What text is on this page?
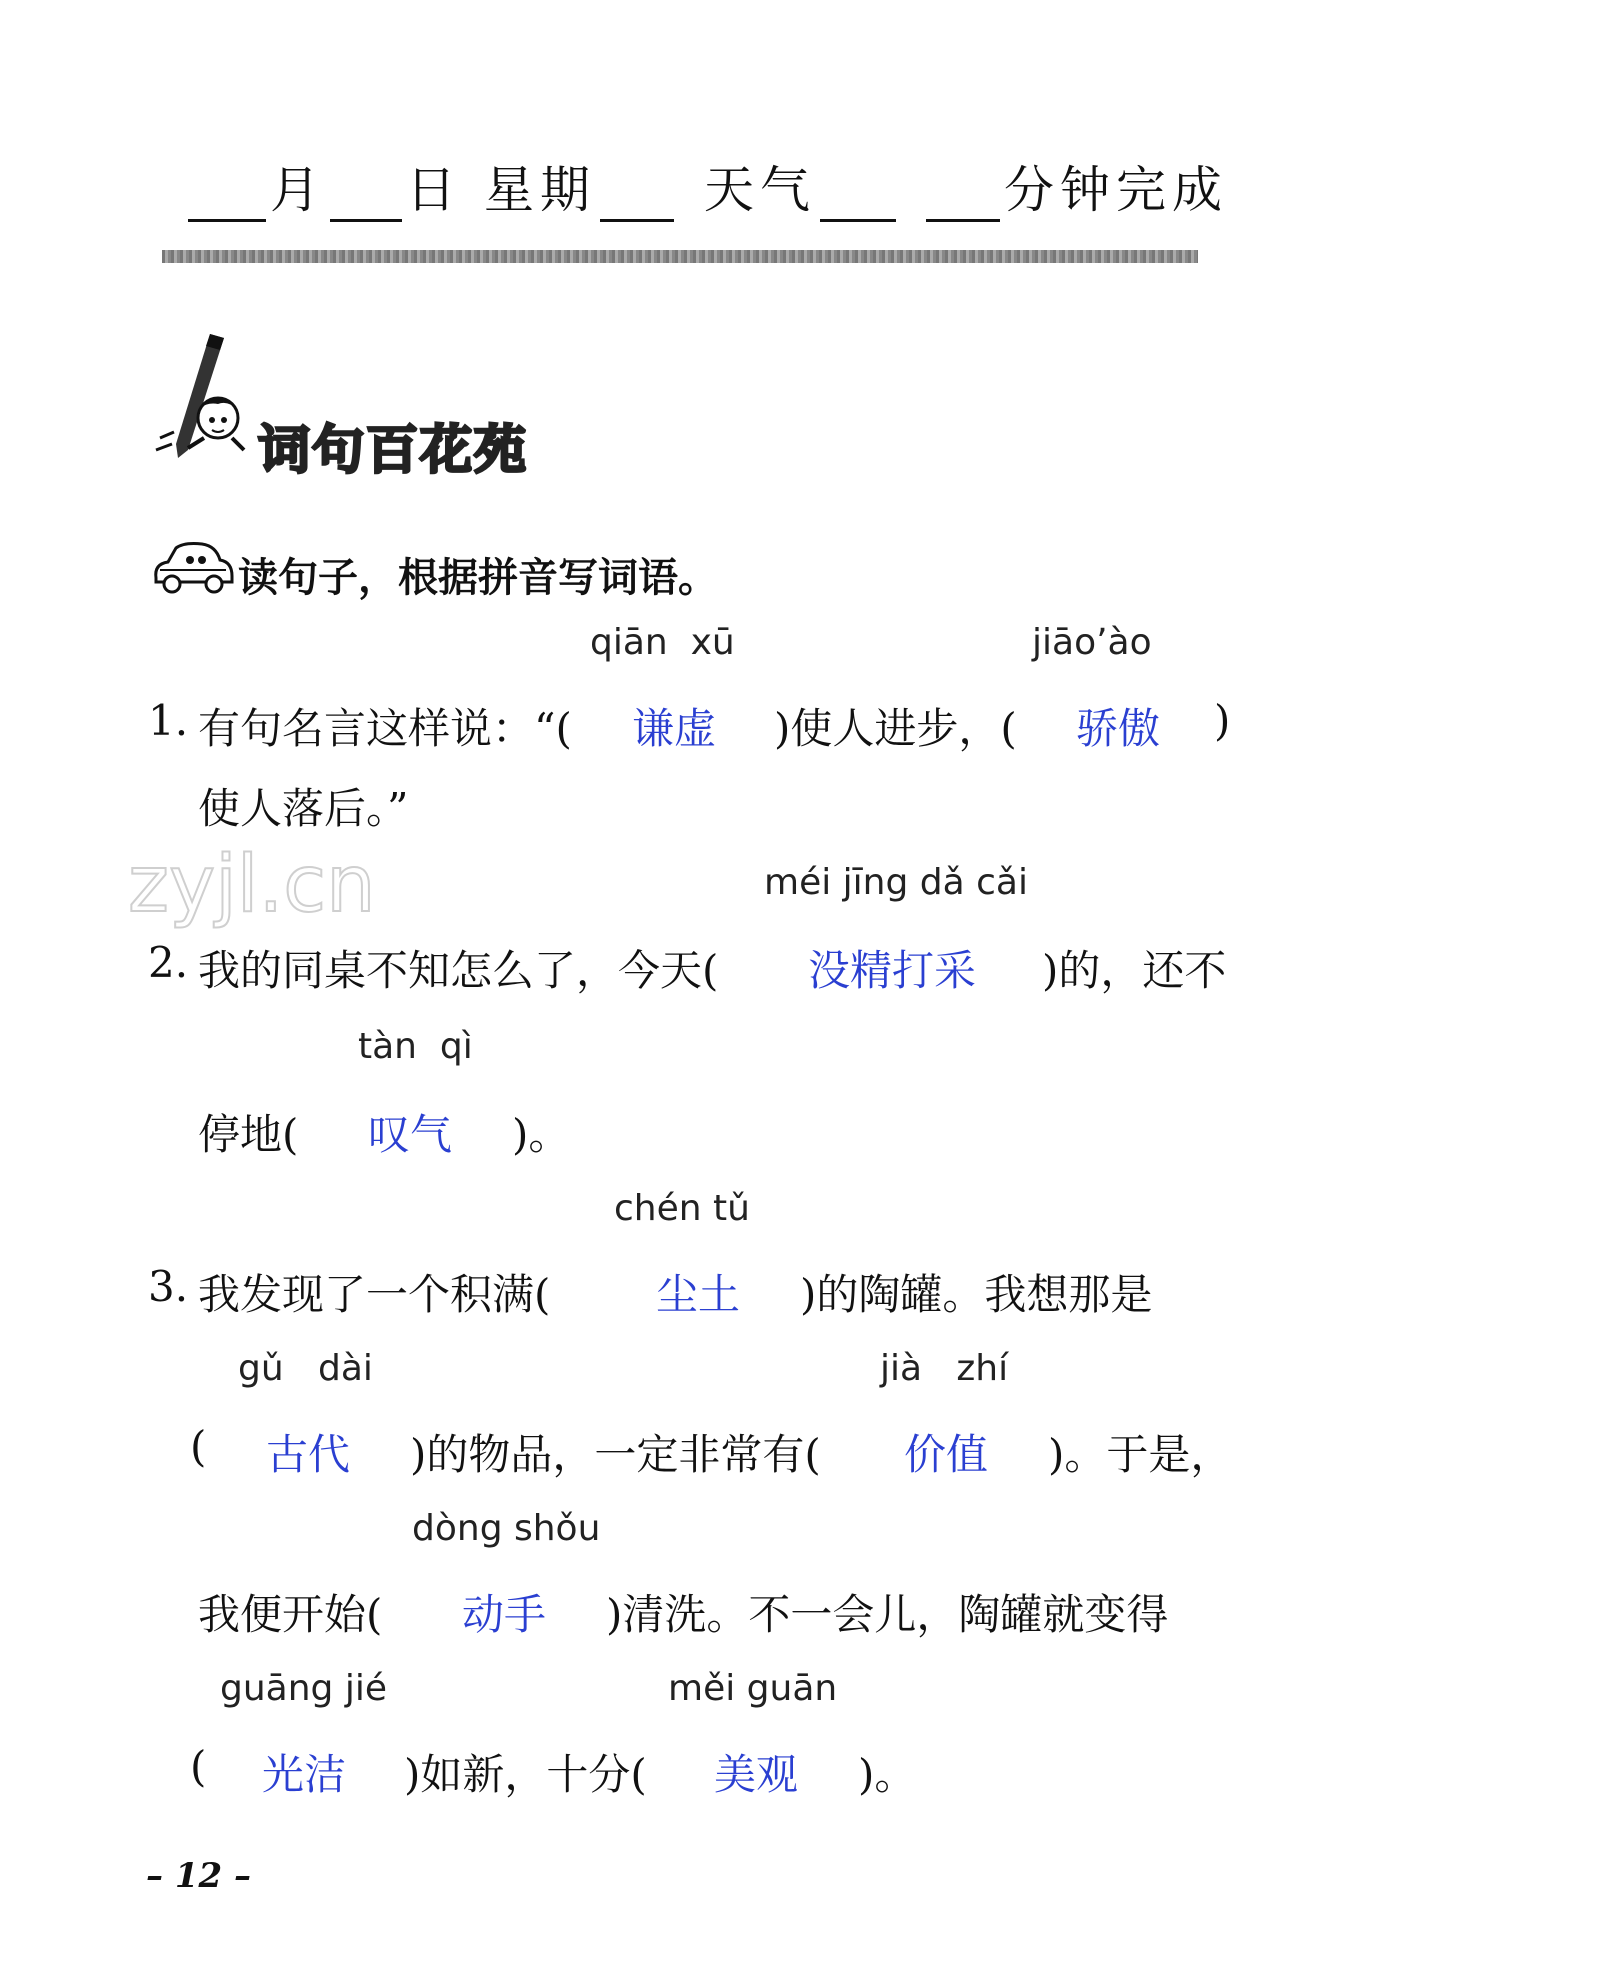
月 日 星期	天气	分钟完成
词句百花苑
读句子，根据拼音写词语。
qiān  xū	jiāo’ào
1. 有句名言这样说：“( 谦虚 )使人进步，( 骄傲 )
使人落后。”
zyjl.cn	méi jīng dǎ cǎi
2. 我的同桌不知怎么了，今天( 没精打采 )的，还不
tàn  qì
停地( 叹气 )。
chén tǔ
3. 我发现了一个积满(	尘土 )的陶罐。我想那是
gǔ   dài	jià   zhí
( 古代 )的物品，一定非常有( 价值 )。于是，
dòng shǒu
我便开始( 动手 )清洗。不一会儿，陶罐就变得
guāng jié	měi guān
( 光洁 )如新，十分( 美观 )。
– 12 –
